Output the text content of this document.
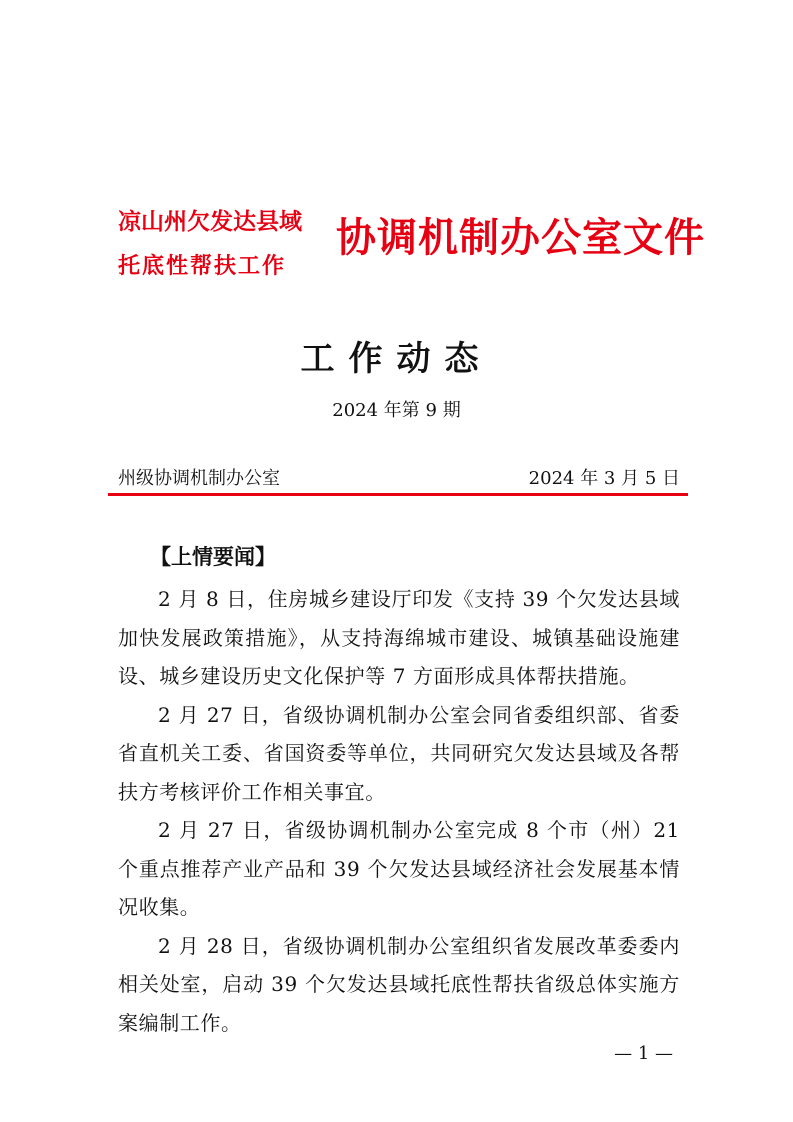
凉山州欠发达县域
托底性帮扶工作
协调机制办公室文件
工作动态
2024 年第 9 期
州级协调机制办公室	2024 年 3 月 5 日
【上情要闻】

2 月 8 日，住房城乡建设厅印发《支持 39 个欠发达县域加快发展政策措施》，从支持海绵城市建设、城镇基础设施建设、城乡建设历史文化保护等 7 方面形成具体帮扶措施。

2 月 27 日，省级协调机制办公室会同省委组织部、省委省直机关工委、省国资委等单位，共同研究欠发达县域及各帮扶方考核评价工作相关事宜。

2 月 27 日，省级协调机制办公室完成 8 个市（州）21 个重点推荐产业产品和 39 个欠发达县域经济社会发展基本情况收集。

2 月 28 日，省级协调机制办公室组织省发展改革委委内相关处室，启动 39 个欠发达县域托底性帮扶省级总体实施方案编制工作。

— 1 —
